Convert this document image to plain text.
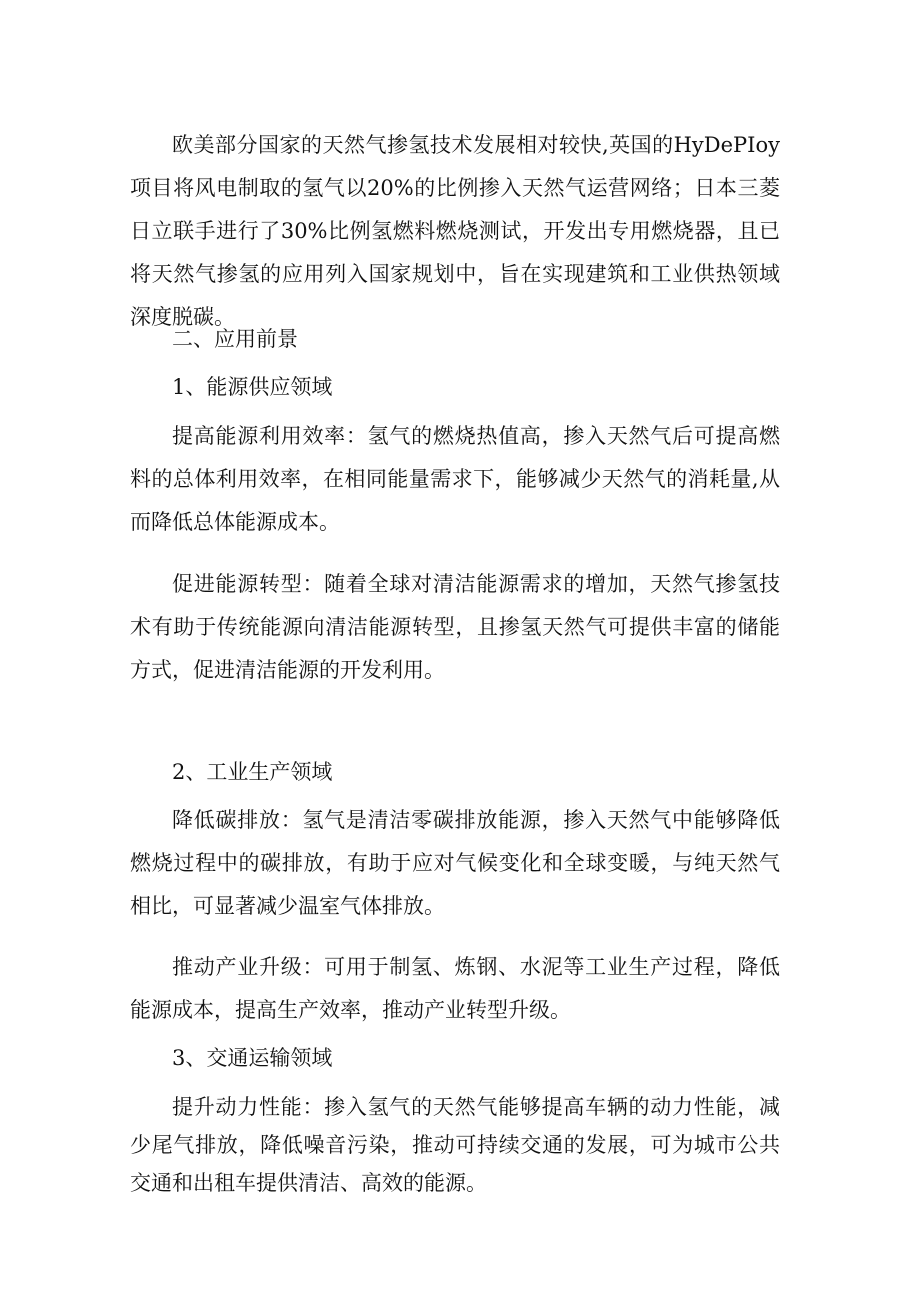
欧美部分国家的天然气掺氢技术发展相对较快,英国的HyDePIoy项目将风电制取的氢气以20%的比例掺入天然气运营网络；日本三菱日立联手进行了30%比例氢燃料燃烧测试，开发出专用燃烧器，且已将天然气掺氢的应用列入国家规划中，旨在实现建筑和工业供热领域深度脱碳。

二、应用前景

1、能源供应领域

提高能源利用效率：氢气的燃烧热值高，掺入天然气后可提高燃料的总体利用效率，在相同能量需求下，能够减少天然气的消耗量,从而降低总体能源成本。

促进能源转型：随着全球对清洁能源需求的增加，天然气掺氢技术有助于传统能源向清洁能源转型，且掺氢天然气可提供丰富的储能方式，促进清洁能源的开发利用。

2、工业生产领域

降低碳排放：氢气是清洁零碳排放能源，掺入天然气中能够降低燃烧过程中的碳排放，有助于应对气候变化和全球变暖，与纯天然气相比，可显著减少温室气体排放。

推动产业升级：可用于制氢、炼钢、水泥等工业生产过程，降低能源成本，提高生产效率，推动产业转型升级。

3、交通运输领域

提升动力性能：掺入氢气的天然气能够提高车辆的动力性能，减少尾气排放，降低噪音污染，推动可持续交通的发展，可为城市公共交通和出租车提供清洁、高效的能源。
